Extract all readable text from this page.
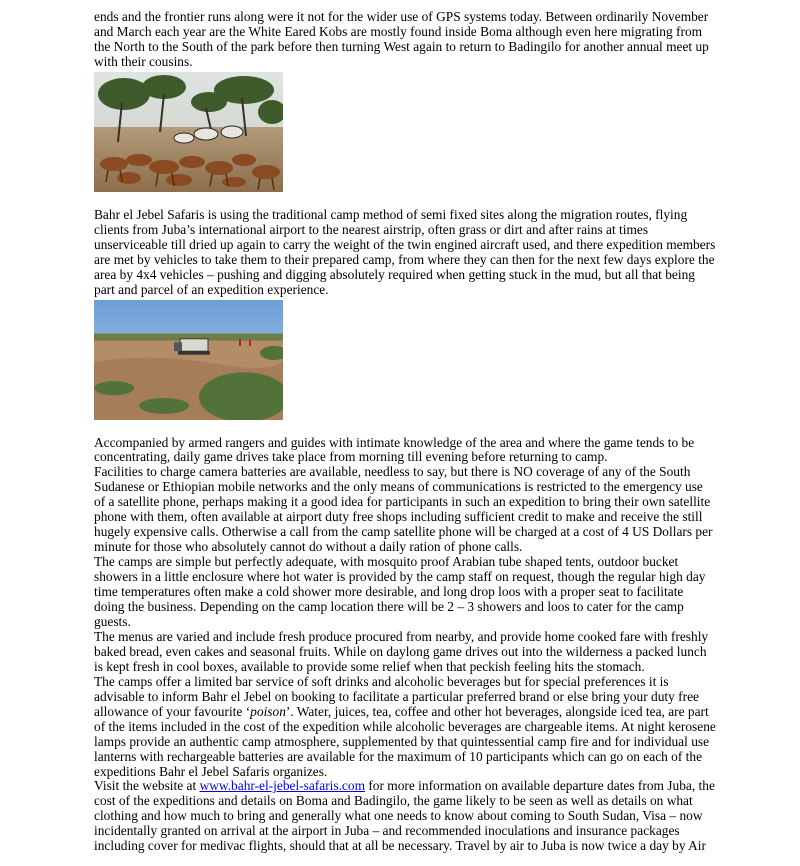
ends and the frontier runs along were it not for the wider use of GPS systems today. Between ordinarily November and March each year are the White Eared Kobs are mostly found inside Boma although even here migrating from the North to the South of the park before then turning West again to return to Badingilo for another annual meet up with their cousins.

Bahr el Jebel Safaris is using the traditional camp method of semi fixed sites along the migration routes, flying clients from Juba’s international airport to the nearest airstrip, often grass or dirt and after rains at times unserviceable till dried up again to carry the weight of the twin engined aircraft used, and there expedition members are met by vehicles to take them to their prepared camp, from where they can then for the next few days explore the area by 4x4 vehicles – pushing and digging absolutely required when getting stuck in the mud, but all that being part and parcel of an expedition experience.

Accompanied by armed rangers and guides with intimate knowledge of the area and where the game tends to be concentrating, daily game drives take place from morning till evening before returning to camp.

Facilities to charge camera batteries are available, needless to say, but there is NO coverage of any of the South Sudanese or Ethiopian mobile networks and the only means of communications is restricted to the emergency use of a satellite phone, perhaps making it a good idea for participants in such an expedition to bring their own satellite phone with them, often available at airport duty free shops including sufficient credit to make and receive the still hugely expensive calls. Otherwise a call from the camp satellite phone will be charged at a cost of 4 US Dollars per minute for those who absolutely cannot do without a daily ration of phone calls.

The camps are simple but perfectly adequate, with mosquito proof Arabian tube shaped tents, outdoor bucket showers in a little enclosure where hot water is provided by the camp staff on request, though the regular high day time temperatures often make a cold shower more desirable, and long drop loos with a proper seat to facilitate doing the business. Depending on the camp location there will be 2 – 3 showers and loos to cater for the camp guests.

The menus are varied and include fresh produce procured from nearby, and provide home cooked fare with freshly baked bread, even cakes and seasonal fruits. While on daylong game drives out into the wilderness a packed lunch is kept fresh in cool boxes, available to provide some relief when that peckish feeling hits the stomach.

The camps offer a limited bar service of soft drinks and alcoholic beverages but for special preferences it is advisable to inform Bahr el Jebel on booking to facilitate a particular preferred brand or else bring your duty free allowance of your favourite ‘poison’. Water, juices, tea, coffee and other hot beverages, alongside iced tea, are part of the items included in the cost of the expedition while alcoholic beverages are chargeable items. At night kerosene lamps provide an authentic camp atmosphere, supplemented by that quintessential camp fire and for individual use lanterns with rechargeable batteries are available for the maximum of 10 participants which can go on each of the expeditions Bahr el Jebel Safaris organizes.

Visit the website at www.bahr-el-jebel-safaris.com for more information on available departure dates from Juba, the cost of the expeditions and details on Boma and Badingilo, the game likely to be seen as well as details on what clothing and how much to bring and generally what one needs to know about coming to South Sudan, Visa – now incidentally granted on arrival at the airport in Juba – and recommended inoculations and insurance packages including cover for medivac flights, should that at all be necessary. Travel by air to Juba is now twice a day by Air
